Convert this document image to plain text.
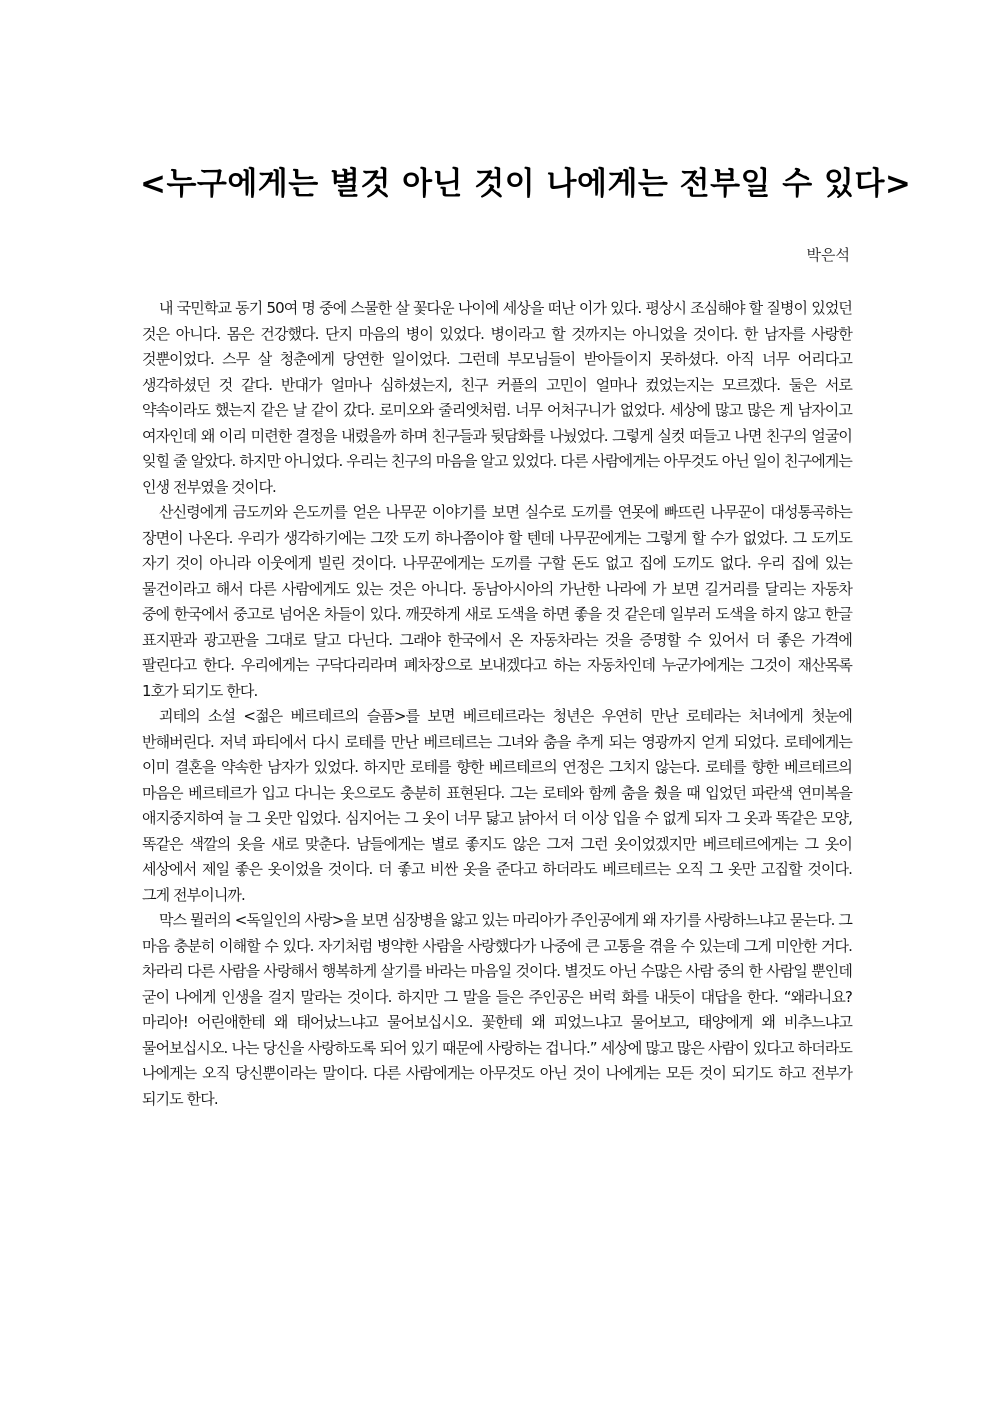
<누구에게는 별것 아닌 것이 나에게는 전부일 수 있다>
박은석

내 국민학교 동기 50여 명 중에 스물한 살 꽃다운 나이에 세상을 떠난 이가 있다. 평상시 조심해야 할 질병이 있었던 것은 아니다. 몸은 건강했다. 단지 마음의 병이 있었다. 병이라고 할 것까지는 아니었을 것이다. 한 남자를 사랑한 것뿐이었다. 스무 살 청춘에게 당연한 일이었다. 그런데 부모님들이 받아들이지 못하셨다. 아직 너무 어리다고 생각하셨던 것 같다. 반대가 얼마나 심하셨는지, 친구 커플의 고민이 얼마나 컸었는지는 모르겠다. 둘은 서로 약속이라도 했는지 같은 날 같이 갔다. 로미오와 줄리엣처럼. 너무 어처구니가 없었다. 세상에 많고 많은 게 남자이고 여자인데 왜 이리 미련한 결정을 내렸을까 하며 친구들과 뒷담화를 나눴었다. 그렇게 실컷 떠들고 나면 친구의 얼굴이 잊힐 줄 알았다. 하지만 아니었다. 우리는 친구의 마음을 알고 있었다. 다른 사람에게는 아무것도 아닌 일이 친구에게는 인생 전부였을 것이다.

산신령에게 금도끼와 은도끼를 얻은 나무꾼 이야기를 보면 실수로 도끼를 연못에 빠뜨린 나무꾼이 대성통곡하는 장면이 나온다. 우리가 생각하기에는 그깟 도끼 하나쯤이야 할 텐데 나무꾼에게는 그렇게 할 수가 없었다. 그 도끼도 자기 것이 아니라 이웃에게 빌린 것이다. 나무꾼에게는 도끼를 구할 돈도 없고 집에 도끼도 없다. 우리 집에 있는 물건이라고 해서 다른 사람에게도 있는 것은 아니다. 동남아시아의 가난한 나라에 가 보면 길거리를 달리는 자동차 중에 한국에서 중고로 넘어온 차들이 있다. 깨끗하게 새로 도색을 하면 좋을 것 같은데 일부러 도색을 하지 않고 한글 표지판과 광고판을 그대로 달고 다닌다. 그래야 한국에서 온 자동차라는 것을 증명할 수 있어서 더 좋은 가격에 팔린다고 한다. 우리에게는 구닥다리라며 폐차장으로 보내겠다고 하는 자동차인데 누군가에게는 그것이 재산목록 1호가 되기도 한다.

괴테의 소설 <젊은 베르테르의 슬픔>를 보면 베르테르라는 청년은 우연히 만난 로테라는 처녀에게 첫눈에 반해버린다. 저녁 파티에서 다시 로테를 만난 베르테르는 그녀와 춤을 추게 되는 영광까지 얻게 되었다. 로테에게는 이미 결혼을 약속한 남자가 있었다. 하지만 로테를 향한 베르테르의 연정은 그치지 않는다. 로테를 향한 베르테르의 마음은 베르테르가 입고 다니는 옷으로도 충분히 표현된다. 그는 로테와 함께 춤을 췄을 때 입었던 파란색 연미복을 애지중지하여 늘 그 옷만 입었다. 심지어는 그 옷이 너무 닳고 낡아서 더 이상 입을 수 없게 되자 그 옷과 똑같은 모양, 똑같은 색깔의 옷을 새로 맞춘다. 남들에게는 별로 좋지도 않은 그저 그런 옷이었겠지만 베르테르에게는 그 옷이 세상에서 제일 좋은 옷이었을 것이다. 더 좋고 비싼 옷을 준다고 하더라도 베르테르는 오직 그 옷만 고집할 것이다. 그게 전부이니까.

막스 뮐러의 <독일인의 사랑>을 보면 심장병을 앓고 있는 마리아가 주인공에게 왜 자기를 사랑하느냐고 묻는다. 그 마음 충분히 이해할 수 있다. 자기처럼 병약한 사람을 사랑했다가 나중에 큰 고통을 겪을 수 있는데 그게 미안한 거다. 차라리 다른 사람을 사랑해서 행복하게 살기를 바라는 마음일 것이다. 별것도 아닌 수많은 사람 중의 한 사람일 뿐인데 굳이 나에게 인생을 걸지 말라는 것이다. 하지만 그 말을 들은 주인공은 버럭 화를 내듯이 대답을 한다. “왜라니요? 마리아! 어린애한테 왜 태어났느냐고 물어보십시오. 꽃한테 왜 피었느냐고 물어보고, 태양에게 왜 비추느냐고 물어보십시오. 나는 당신을 사랑하도록 되어 있기 때문에 사랑하는 겁니다.” 세상에 많고 많은 사람이 있다고 하더라도 나에게는 오직 당신뿐이라는 말이다. 다른 사람에게는 아무것도 아닌 것이 나에게는 모든 것이 되기도 하고 전부가 되기도 한다.
